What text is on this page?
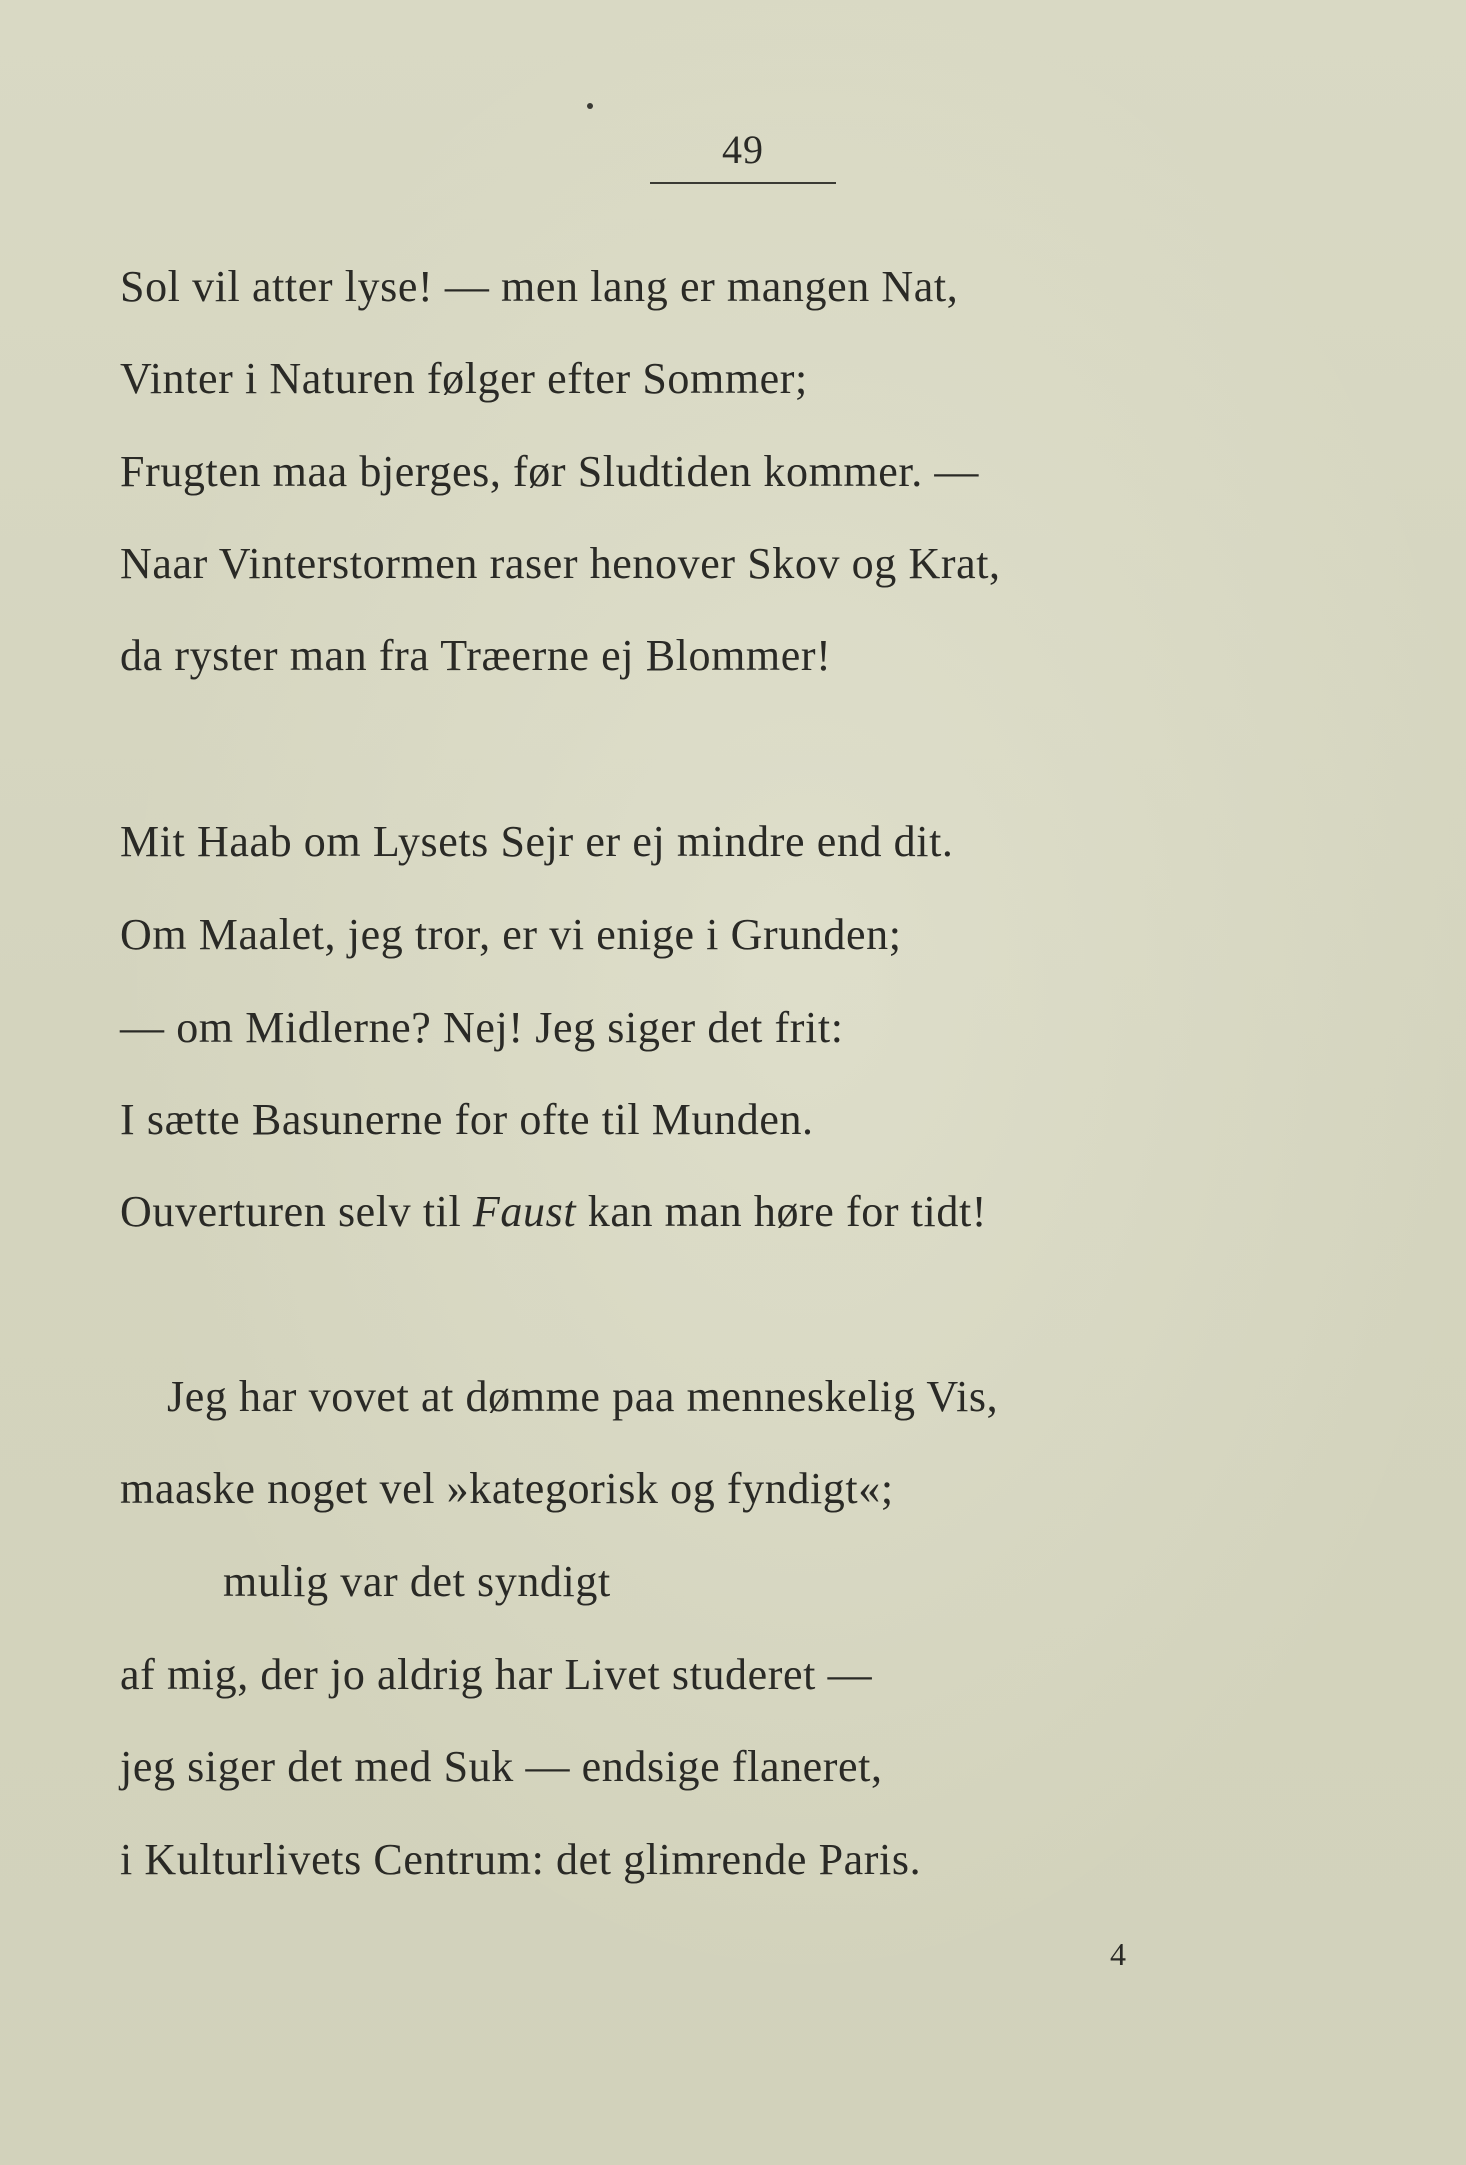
49
Sol vil atter lyse! — men lang er mangen Nat,
Vinter i Naturen følger efter Sommer;
Frugten maa bjerges, før Sludtiden kommer. —
Naar Vinterstormen raser henover Skov og Krat,
da ryster man fra Træerne ej Blommer!
Mit Haab om Lysets Sejr er ej mindre end dit.
Om Maalet, jeg tror, er vi enige i Grunden;
— om Midlerne? Nej! Jeg siger det frit:
I sætte Basunerne for ofte til Munden.
Ouverturen selv til Faust kan man høre for tidt!
Jeg har vovet at dømme paa menneskelig Vis,
maaske noget vel »kategorisk og fyndigt«;
mulig var det syndigt
af mig, der jo aldrig har Livet studeret —
jeg siger det med Suk — endsige flaneret,
i Kulturlivets Centrum: det glimrende Paris.
4
